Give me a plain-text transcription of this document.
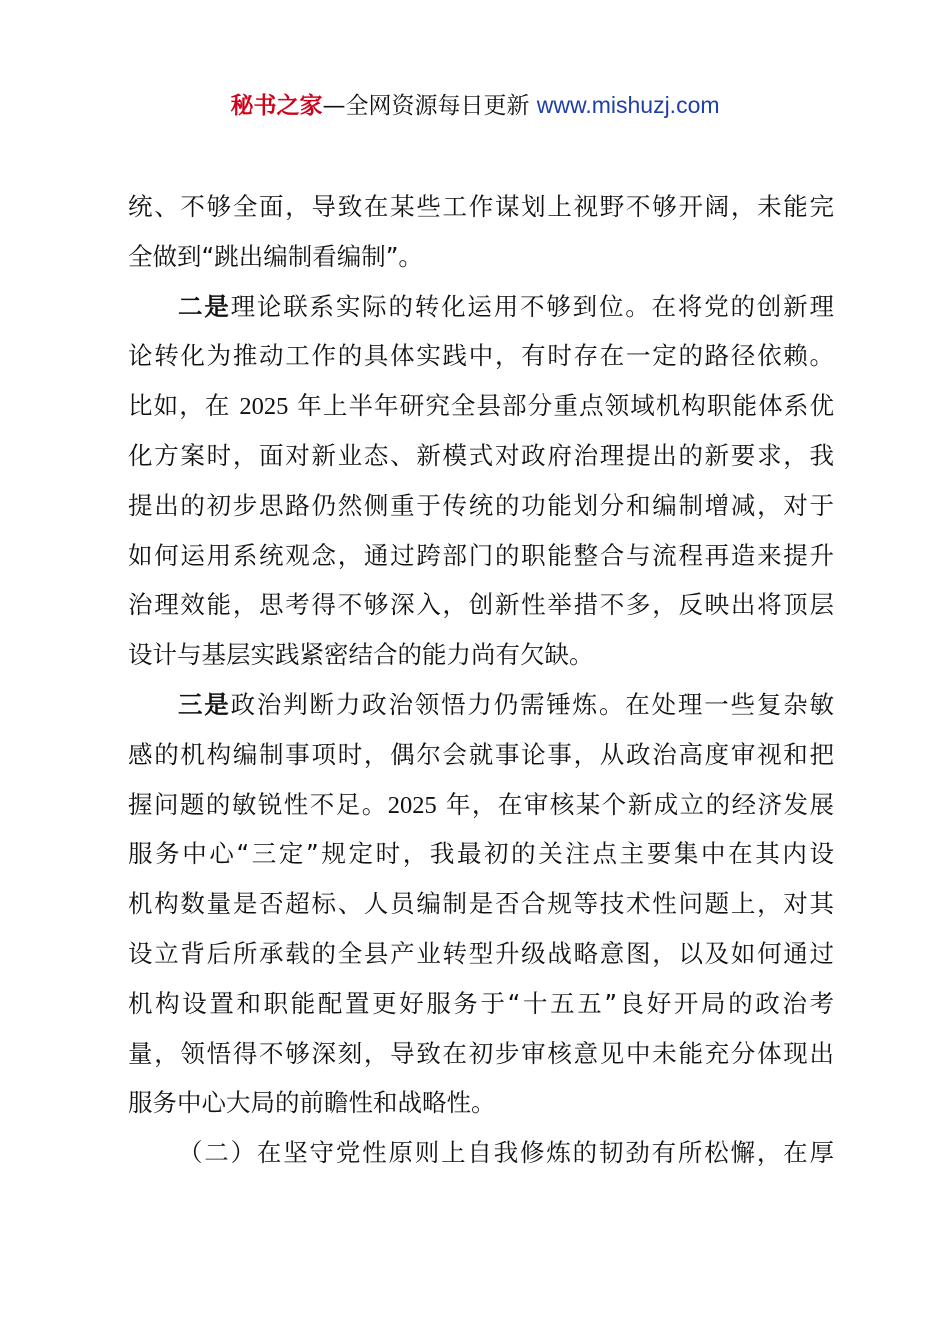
秘书之家—全网资源每日更新 www.mishuzj.com
统、不够全面，导致在某些工作谋划上视野不够开阔，未能完
全做到“跳出编制看编制”。
二是理论联系实际的转化运用不够到位。在将党的创新理
论转化为推动工作的具体实践中，有时存在一定的路径依赖。
比如，在 2025 年上半年研究全县部分重点领域机构职能体系优
化方案时，面对新业态、新模式对政府治理提出的新要求，我
提出的初步思路仍然侧重于传统的功能划分和编制增减，对于
如何运用系统观念，通过跨部门的职能整合与流程再造来提升
治理效能，思考得不够深入，创新性举措不多，反映出将顶层
设计与基层实践紧密结合的能力尚有欠缺。
三是政治判断力政治领悟力仍需锤炼。在处理一些复杂敏
感的机构编制事项时，偶尔会就事论事，从政治高度审视和把
握问题的敏锐性不足。2025 年，在审核某个新成立的经济发展
服务中心“三定”规定时，我最初的关注点主要集中在其内设
机构数量是否超标、人员编制是否合规等技术性问题上，对其
设立背后所承载的全县产业转型升级战略意图，以及如何通过
机构设置和职能配置更好服务于“十五五”良好开局的政治考
量，领悟得不够深刻，导致在初步审核意见中未能充分体现出
服务中心大局的前瞻性和战略性。
（二）在坚守党性原则上自我修炼的韧劲有所松懈，在厚
